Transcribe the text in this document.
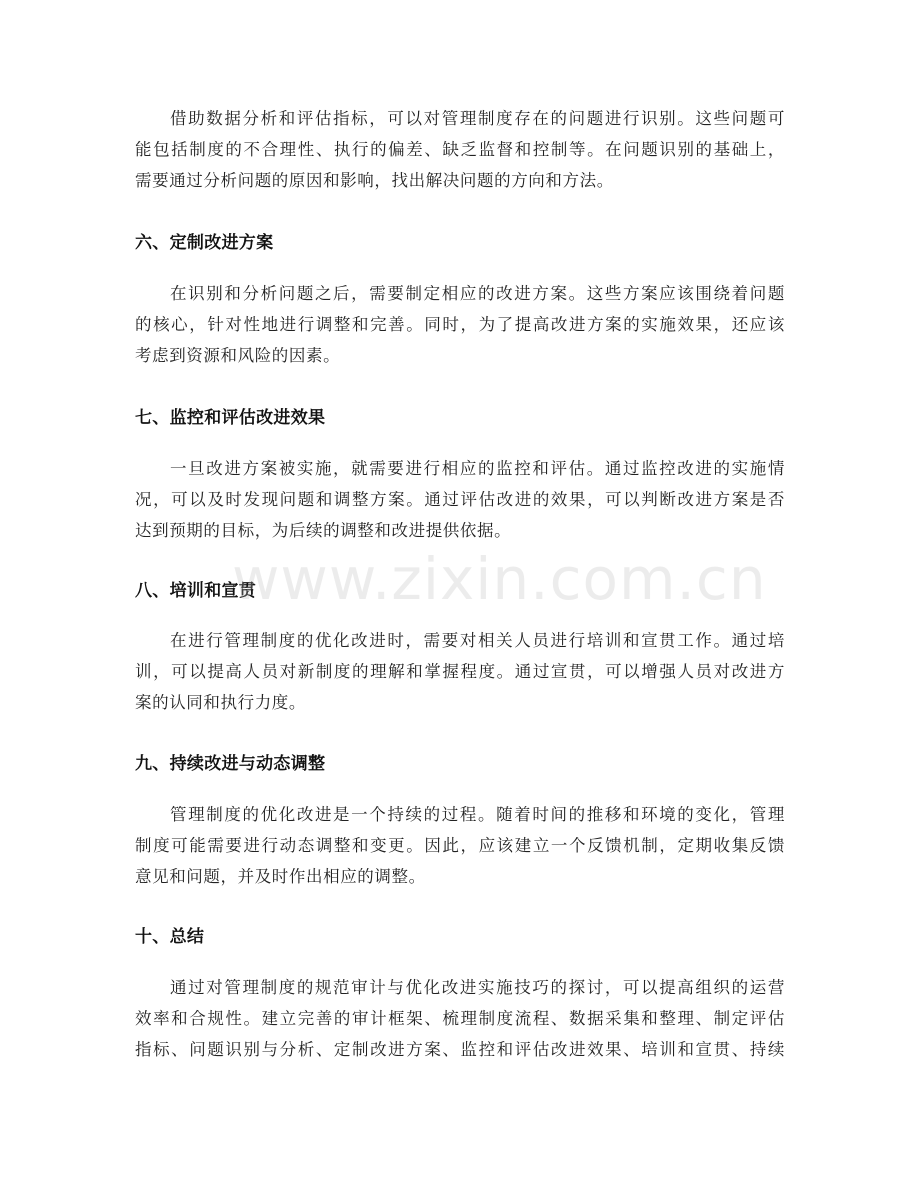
借助数据分析和评估指标，可以对管理制度存在的问题进行识别。这些问题可
能包括制度的不合理性、执行的偏差、缺乏监督和控制等。在问题识别的基础上，
需要通过分析问题的原因和影响，找出解决问题的方向和方法。
六、定制改进方案
在识别和分析问题之后，需要制定相应的改进方案。这些方案应该围绕着问题
的核心，针对性地进行调整和完善。同时，为了提高改进方案的实施效果，还应该
考虑到资源和风险的因素。
七、监控和评估改进效果
一旦改进方案被实施，就需要进行相应的监控和评估。通过监控改进的实施情
况，可以及时发现问题和调整方案。通过评估改进的效果，可以判断改进方案是否
达到预期的目标，为后续的调整和改进提供依据。
八、培训和宣贯
在进行管理制度的优化改进时，需要对相关人员进行培训和宣贯工作。通过培
训，可以提高人员对新制度的理解和掌握程度。通过宣贯，可以增强人员对改进方
案的认同和执行力度。
九、持续改进与动态调整
管理制度的优化改进是一个持续的过程。随着时间的推移和环境的变化，管理
制度可能需要进行动态调整和变更。因此，应该建立一个反馈机制，定期收集反馈
意见和问题，并及时作出相应的调整。
十、总结
通过对管理制度的规范审计与优化改进实施技巧的探讨，可以提高组织的运营
效率和合规性。建立完善的审计框架、梳理制度流程、数据采集和整理、制定评估
指标、问题识别与分析、定制改进方案、监控和评估改进效果、培训和宣贯、持续
www.zixin.com.cn
